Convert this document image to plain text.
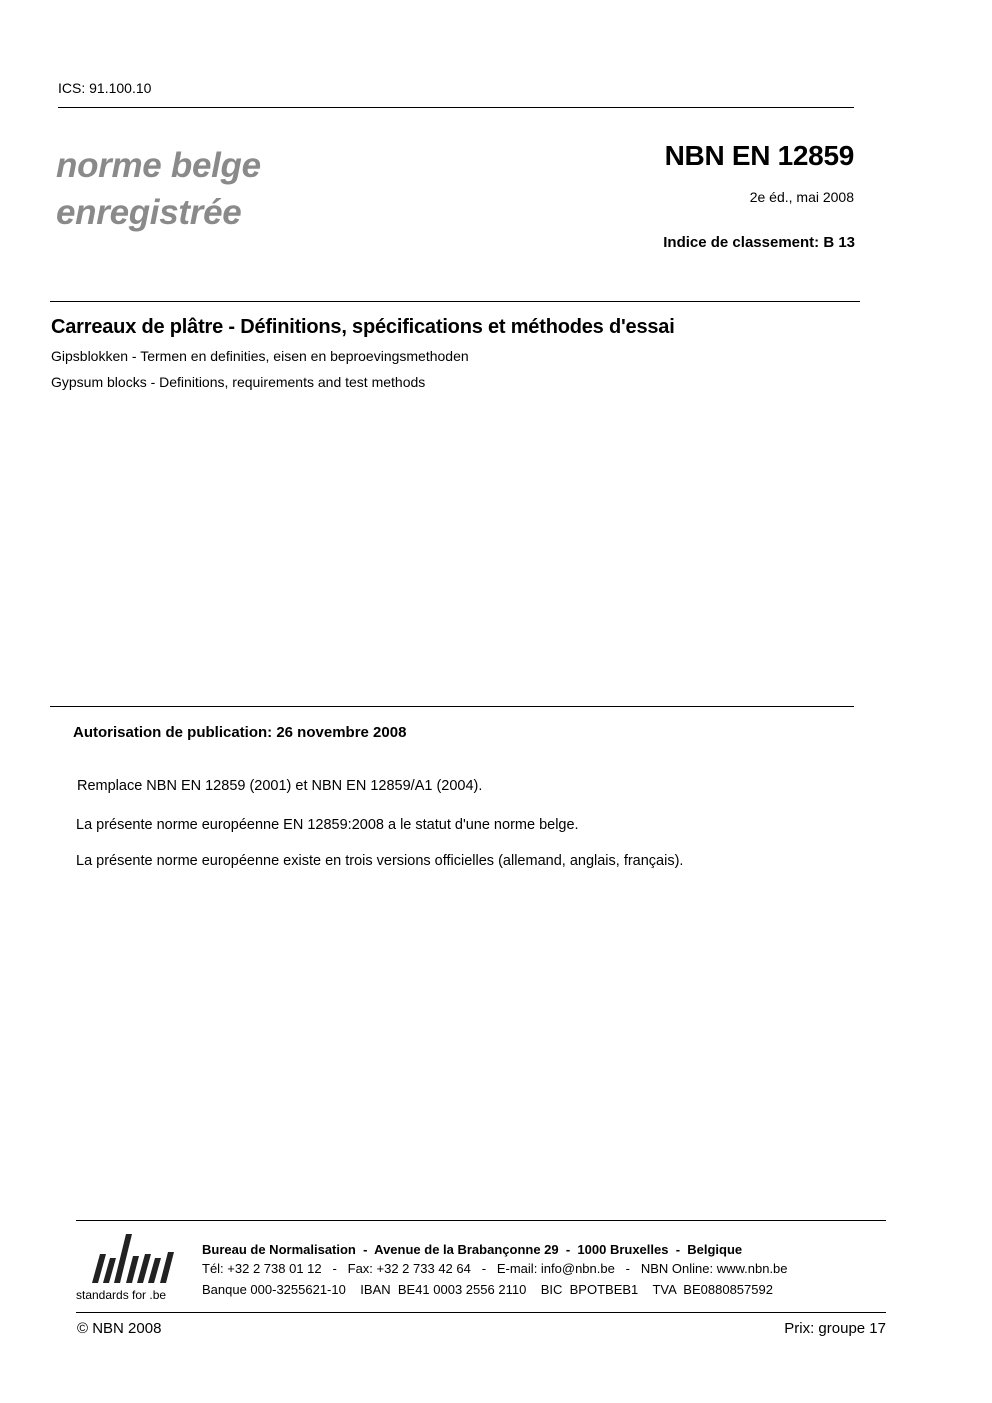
ICS: 91.100.10
norme belge
enregistrée
NBN EN 12859
2e éd., mai 2008
Indice de classement: B 13
Carreaux de plâtre - Définitions, spécifications et méthodes d'essai
Gipsblokken - Termen en definities, eisen en beproevingsmethoden
Gypsum blocks - Definitions, requirements and test methods
Autorisation de publication: 26 novembre 2008
Remplace NBN EN 12859 (2001) et NBN EN 12859/A1 (2004).
La présente norme européenne EN 12859:2008 a le statut d'une norme belge.
La présente norme européenne existe en trois versions officielles (allemand, anglais, français).
standards for .be
Bureau de Normalisation  -  Avenue de la Brabançonne 29  -  1000 Bruxelles  -  Belgique
Tél: +32 2 738 01 12   -   Fax: +32 2 733 42 64   -   E-mail: info@nbn.be   -   NBN Online: www.nbn.be
Banque 000-3255621-10    IBAN  BE41 0003 2556 2110    BIC  BPOTBEB1    TVA  BE0880857592
© NBN 2008	Prix: groupe 17
